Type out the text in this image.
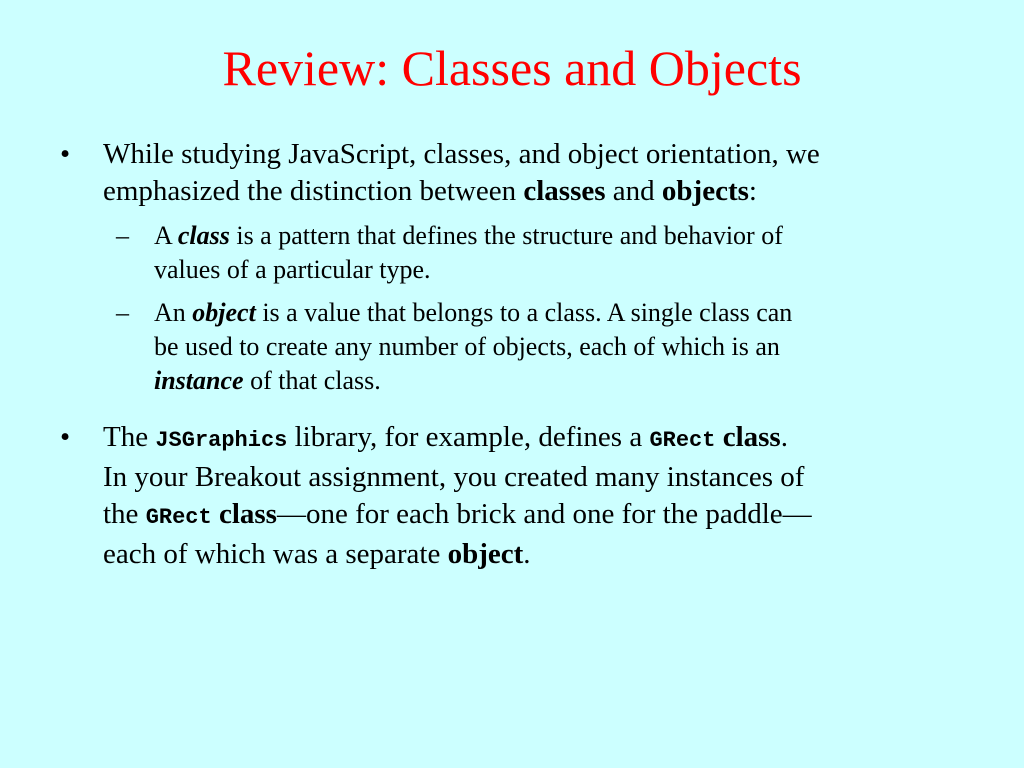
Review: Classes and Objects
• While studying JavaScript, classes, and object orientation, we
emphasized the distinction between classes and objects:
– A class is a pattern that defines the structure and behavior of
values of a particular type.
– An object is a value that belongs to a class. A single class can
be used to create any number of objects, each of which is an
instance of that class.
• The JSGraphics library, for example, defines a GRect class.
In your Breakout assignment, you created many instances of
the GRect class—one for each brick and one for the paddle—
each of which was a separate object.
